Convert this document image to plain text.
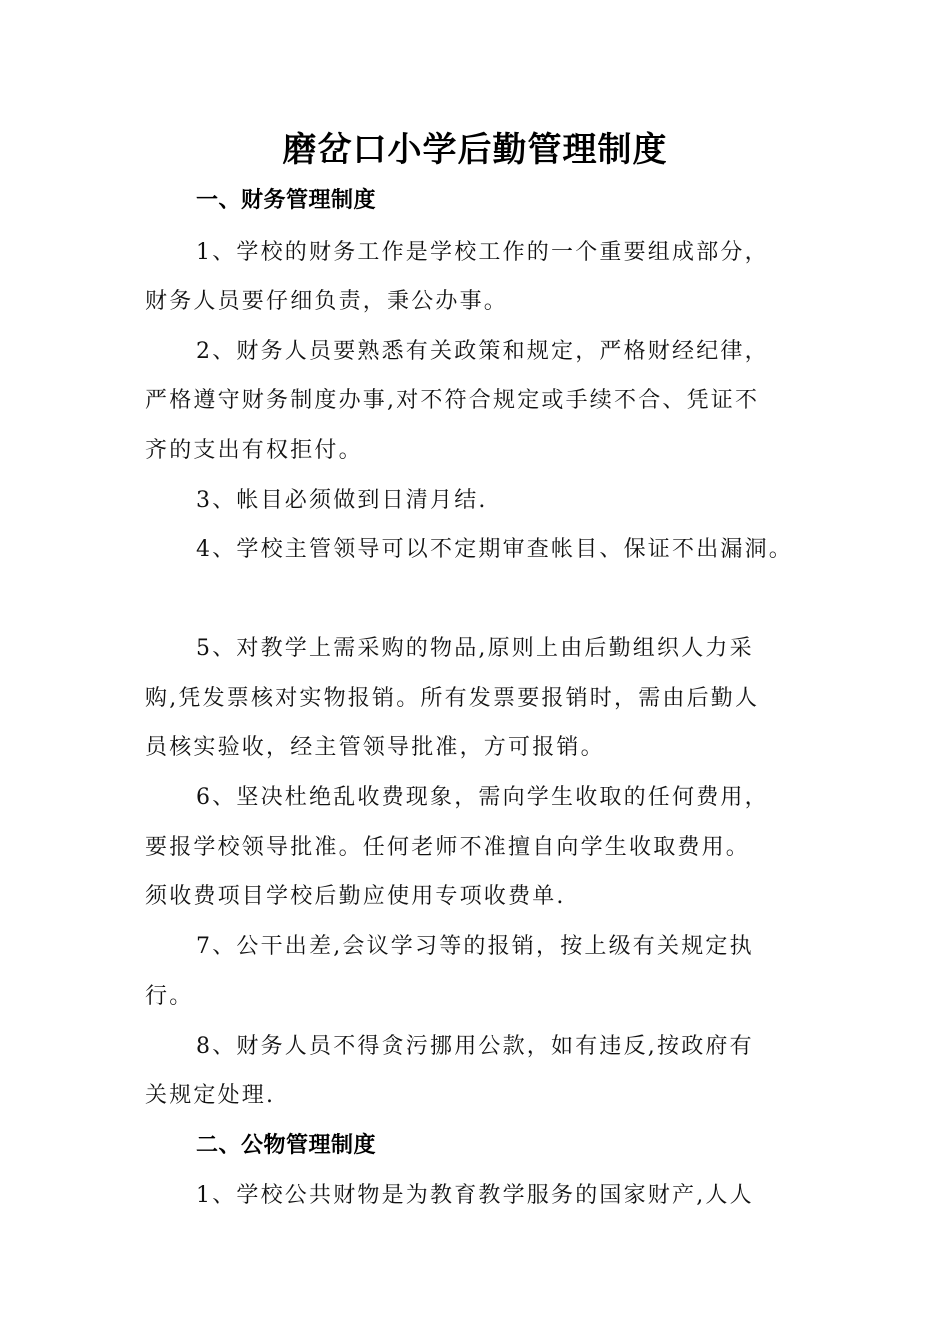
磨岔口小学后勤管理制度

一、财务管理制度

1、学校的财务工作是学校工作的一个重要组成部分，

财务人员要仔细负责，秉公办事。

2、财务人员要熟悉有关政策和规定，严格财经纪律，

严格遵守财务制度办事,对不符合规定或手续不合、凭证不

齐的支出有权拒付。

3、帐目必须做到日清月结.

4、学校主管领导可以不定期审查帐目、保证不出漏洞。

5、对教学上需采购的物品,原则上由后勤组织人力采

购,凭发票核对实物报销。所有发票要报销时，需由后勤人

员核实验收，经主管领导批准，方可报销。

6、坚决杜绝乱收费现象，需向学生收取的任何费用，

要报学校领导批准。任何老师不准擅自向学生收取费用。

须收费项目学校后勤应使用专项收费单.

7、公干出差,会议学习等的报销，按上级有关规定执

行。

8、财务人员不得贪污挪用公款，如有违反,按政府有

关规定处理.

二、公物管理制度

1、学校公共财物是为教育教学服务的国家财产,人人
